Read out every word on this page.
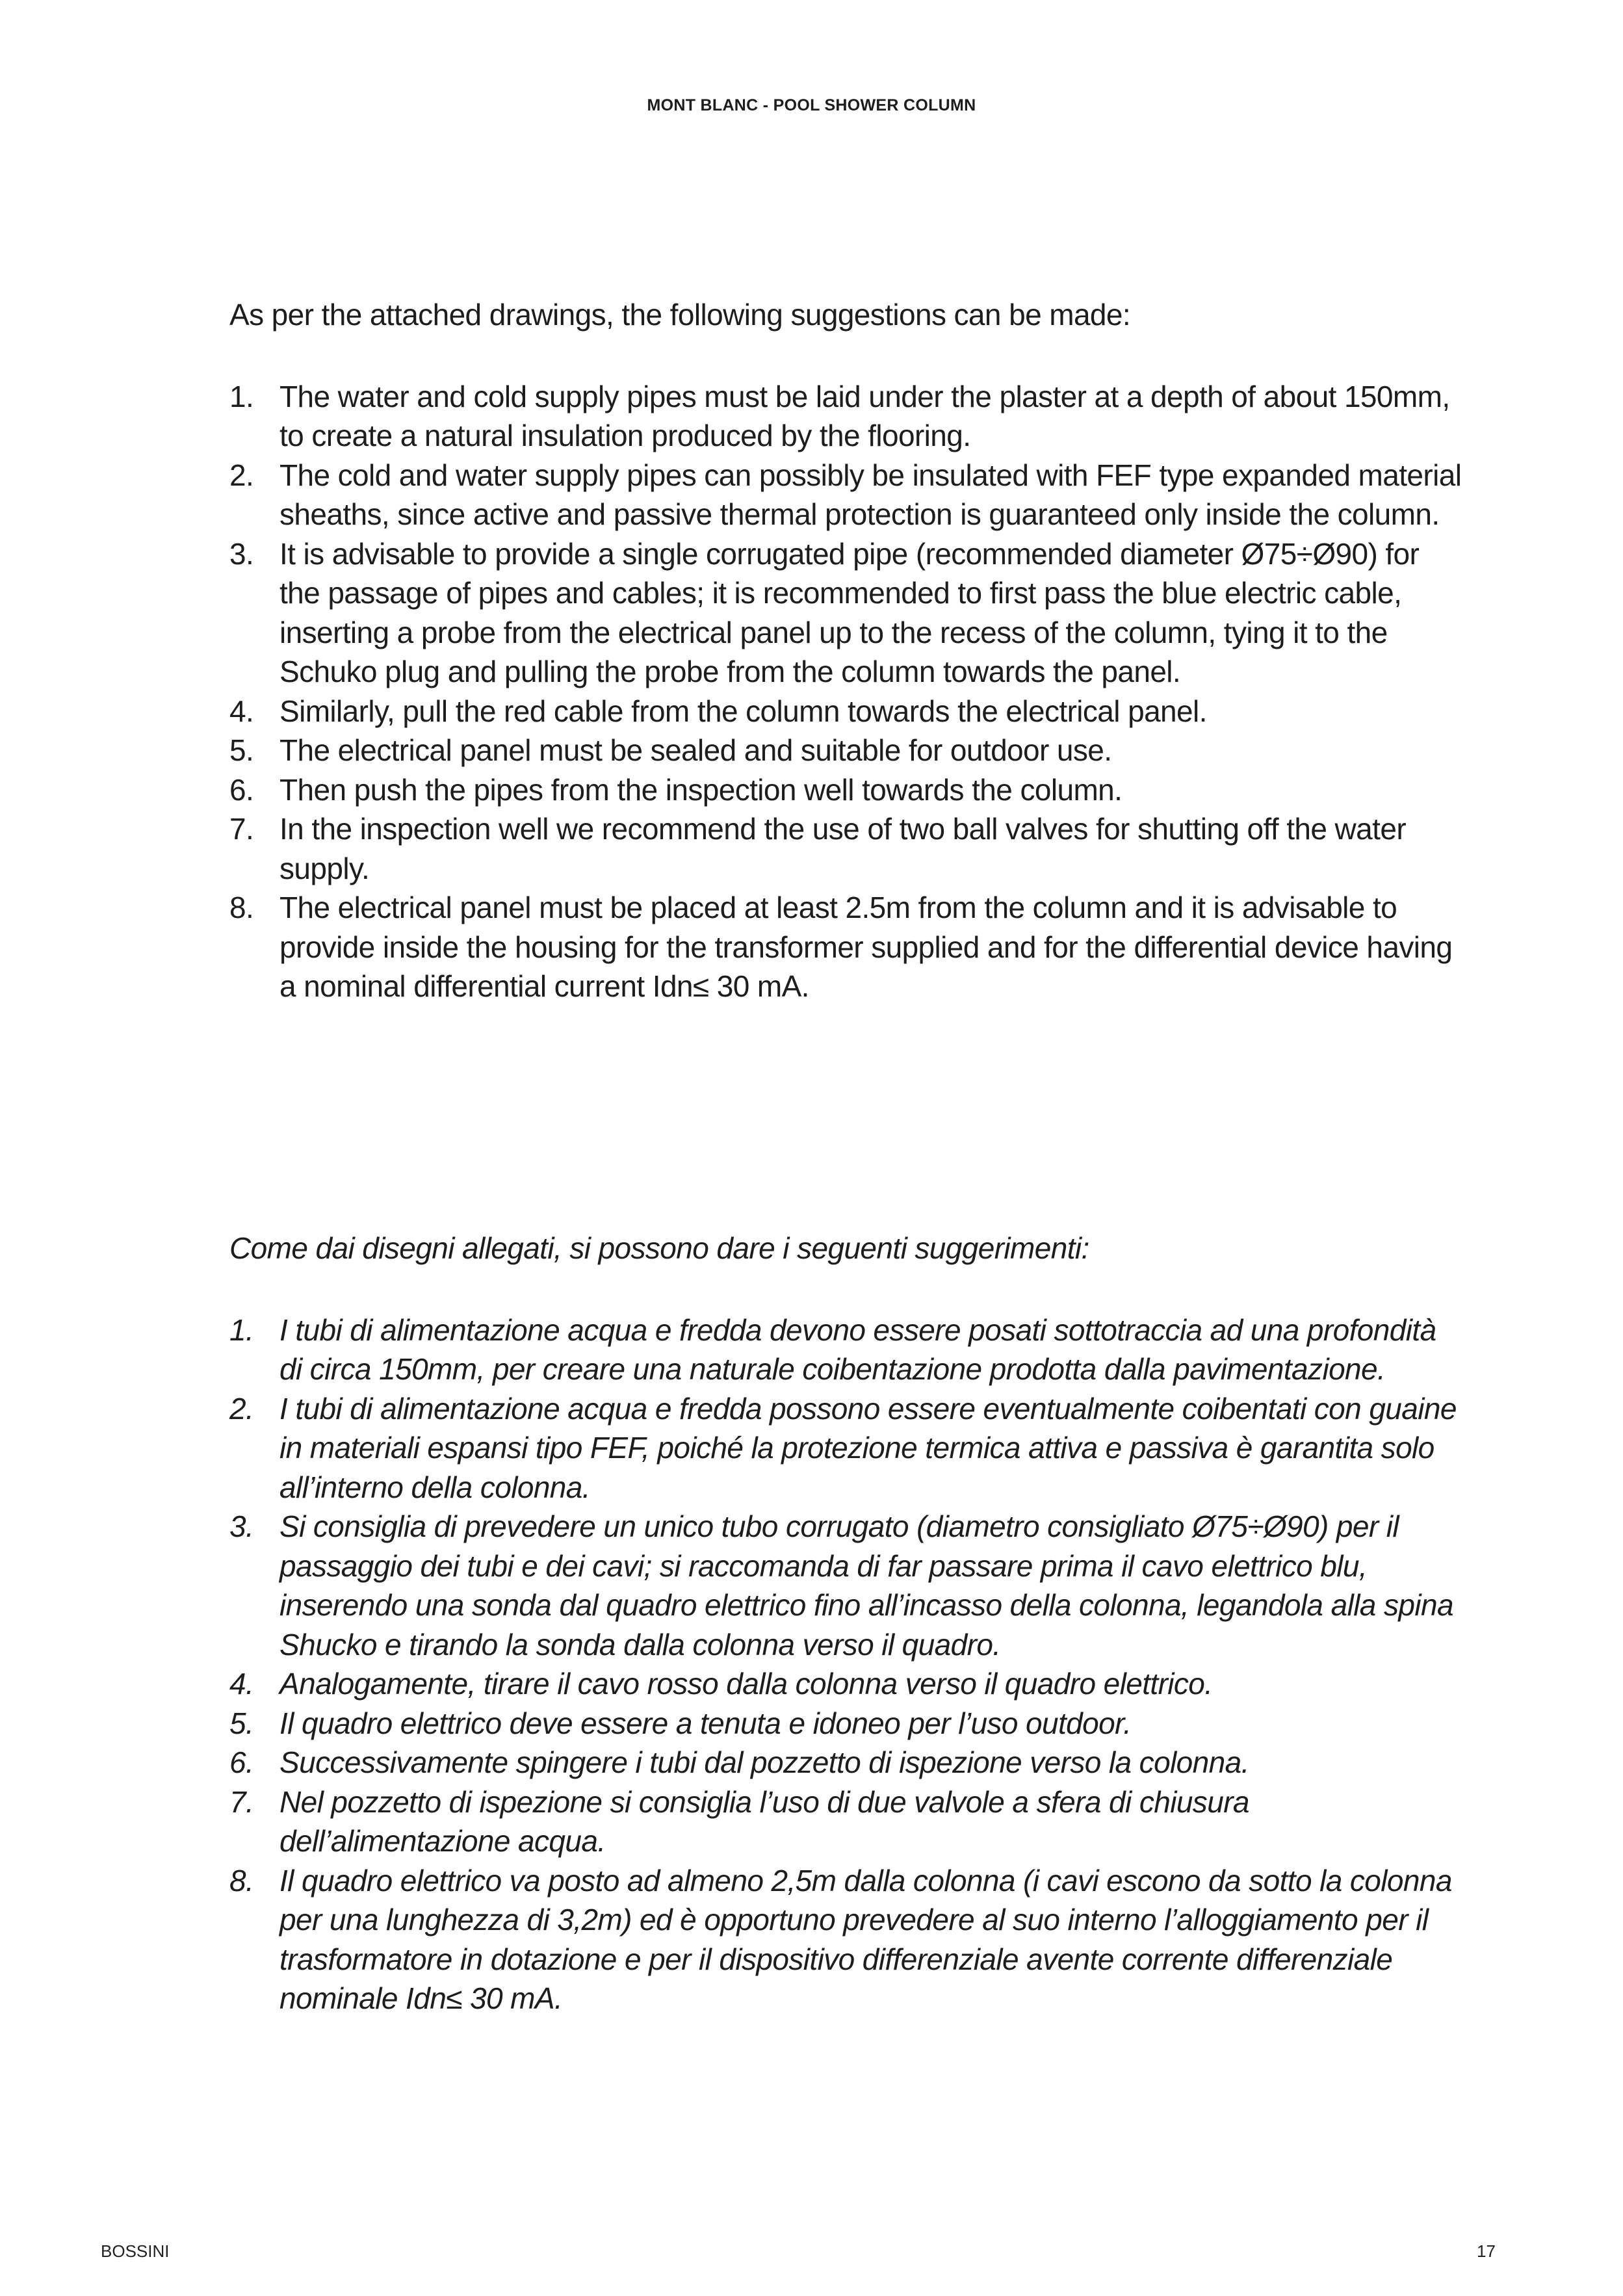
MONT BLANC - POOL SHOWER COLUMN

As per the attached drawings, the following suggestions can be made:

1. The water and cold supply pipes must be laid under the plaster at a depth of about 150mm, to create a natural insulation produced by the flooring.
2. The cold and water supply pipes can possibly be insulated with FEF type expanded material sheaths, since active and passive thermal protection is guaranteed only inside the column.
3. It is advisable to provide a single corrugated pipe (recommended diameter Ø75÷Ø90) for the passage of pipes and cables; it is recommended to first pass the blue electric cable, inserting a probe from the electrical panel up to the recess of the column, tying it to the Schuko plug and pulling the probe from the column towards the panel.
4. Similarly, pull the red cable from the column towards the electrical panel.
5. The electrical panel must be sealed and suitable for outdoor use.
6. Then push the pipes from the inspection well towards the column.
7. In the inspection well we recommend the use of two ball valves for shutting off the water supply.
8. The electrical panel must be placed at least 2.5m from the column and it is advisable to provide inside the housing for the transformer supplied and for the differential device having a nominal differential current Idn≤ 30 mA.

Come dai disegni allegati, si possono dare i seguenti suggerimenti:

1. I tubi di alimentazione acqua e fredda devono essere posati sottotraccia ad una profondità di circa 150mm, per creare una naturale coibentazione prodotta dalla pavimentazione.
2. I tubi di alimentazione acqua e fredda possono essere eventualmente coibentati con guaine in materiali espansi tipo FEF, poiché la protezione termica attiva e passiva è garantita solo all’interno della colonna.
3. Si consiglia di prevedere un unico tubo corrugato (diametro consigliato Ø75÷Ø90) per il passaggio dei tubi e dei cavi; si raccomanda di far passare prima il cavo elettrico blu, inserendo una sonda dal quadro elettrico fino all’incasso della colonna, legandola alla spina Shucko e tirando la sonda dalla colonna verso il quadro.
4. Analogamente, tirare il cavo rosso dalla colonna verso il quadro elettrico.
5. Il quadro elettrico deve essere a tenuta e idoneo per l’uso outdoor.
6. Successivamente spingere i tubi dal pozzetto di ispezione verso la colonna.
7. Nel pozzetto di ispezione si consiglia l’uso di due valvole a sfera di chiusura dell’alimentazione acqua.
8. Il quadro elettrico va posto ad almeno 2,5m dalla colonna (i cavi escono da sotto la colonna per una lunghezza di 3,2m) ed è opportuno prevedere al suo interno l’alloggiamento per il trasformatore in dotazione e per il dispositivo differenziale avente corrente differenziale nominale Idn≤ 30 mA.
BOSSINI	17
